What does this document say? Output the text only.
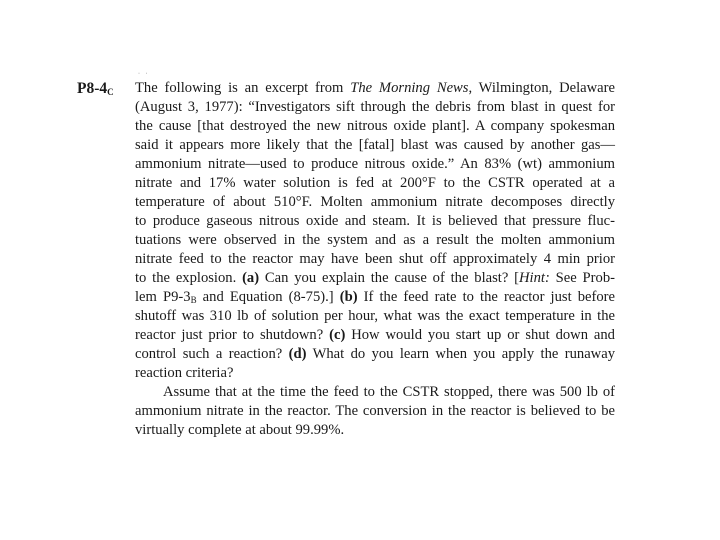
· ·
$P8-4_C$ The following is an excerpt from The Morning News, Wilmington, Delaware
(August 3, 1977): “Investigators sift through the debris from blast in quest for
the cause [that destroyed the new nitrous oxide plant]. A company spokesman
said it appears more likely that the [fatal] blast was caused by another gas—
ammonium nitrate—used to produce nitrous oxide.” An 83% (wt) ammonium
nitrate and 17% water solution is fed at 200°F to the CSTR operated at a
temperature of about 510°F. Molten ammonium nitrate decomposes directly
to produce gaseous nitrous oxide and steam. It is believed that pressure fluc-
tuations were observed in the system and as a result the molten ammonium
nitrate feed to the reactor may have been shut off approximately 4 min prior
to the explosion. (a) Can you explain the cause of the blast? [Hint: See Prob-
lem $P9-3_B$ and Equation (8-75).] (b) If the feed rate to the reactor just before
shutoff was 310 lb of solution per hour, what was the exact temperature in the
reactor just prior to shutdown? (c) How would you start up or shut down and
control such a reaction? (d) What do you learn when you apply the runaway
reaction criteria?
Assume that at the time the feed to the CSTR stopped, there was 500 lb of
ammonium nitrate in the reactor. The conversion in the reactor is believed to be
virtually complete at about 99.99%.
